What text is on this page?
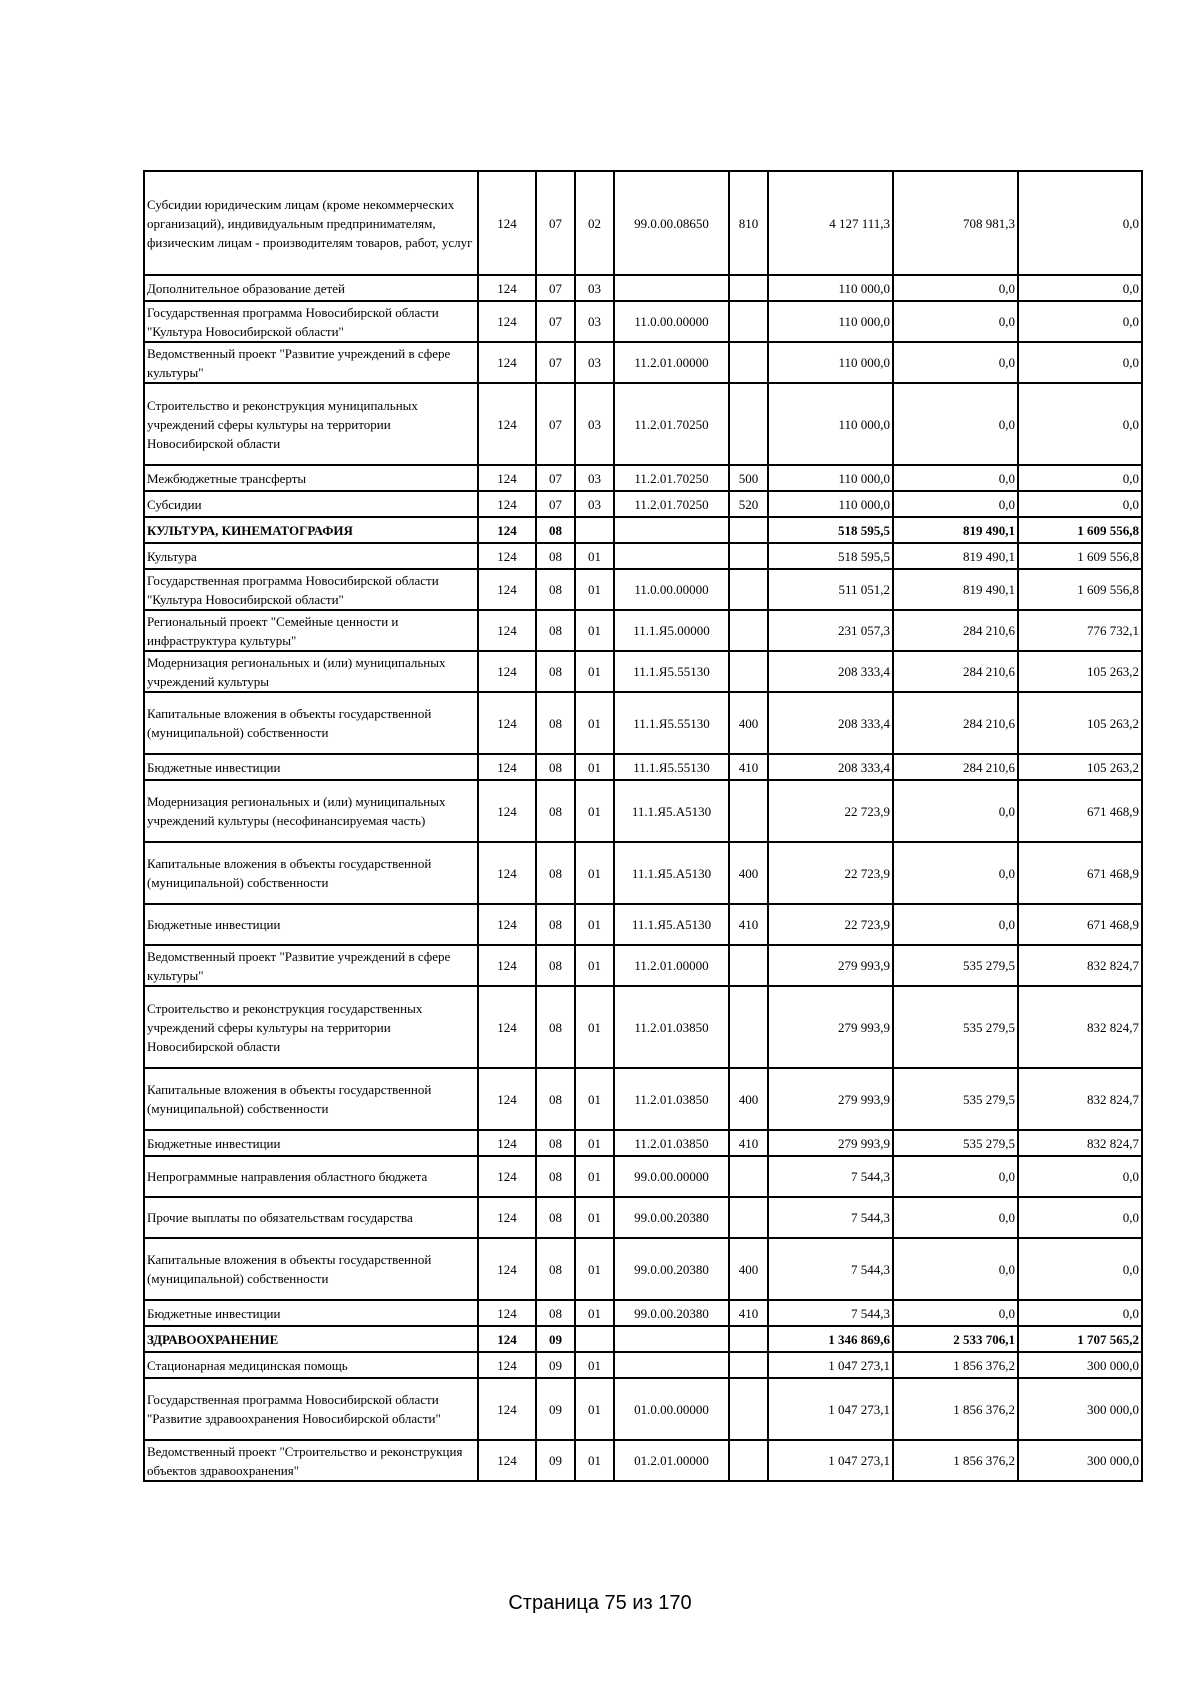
Субсидии юридическим лицам (кроме некоммерческих организаций), индивидуальным предпринимателям, физическим лицам - производителям товаров, работ, услуг	124	07	02	99.0.00.08650	810	4 127 111,3	708 981,3	0,0
Дополнительное образование детей	124	07	03			110 000,0	0,0	0,0
Государственная программа Новосибирской области "Культура Новосибирской области"	124	07	03	11.0.00.00000		110 000,0	0,0	0,0
Ведомственный проект "Развитие учреждений в сфере культуры"	124	07	03	11.2.01.00000		110 000,0	0,0	0,0
Строительство и реконструкция муниципальных учреждений сферы культуры на территории Новосибирской области	124	07	03	11.2.01.70250		110 000,0	0,0	0,0
Межбюджетные трансферты	124	07	03	11.2.01.70250	500	110 000,0	0,0	0,0
Субсидии	124	07	03	11.2.01.70250	520	110 000,0	0,0	0,0
КУЛЬТУРА, КИНЕМАТОГРАФИЯ	124	08				518 595,5	819 490,1	1 609 556,8
Культура	124	08	01			518 595,5	819 490,1	1 609 556,8
Государственная программа Новосибирской области "Культура Новосибирской области"	124	08	01	11.0.00.00000		511 051,2	819 490,1	1 609 556,8
Региональный проект "Семейные ценности и инфраструктура культуры"	124	08	01	11.1.Я5.00000		231 057,3	284 210,6	776 732,1
Модернизация региональных и (или) муниципальных учреждений культуры	124	08	01	11.1.Я5.55130		208 333,4	284 210,6	105 263,2
Капитальные вложения в объекты государственной (муниципальной) собственности	124	08	01	11.1.Я5.55130	400	208 333,4	284 210,6	105 263,2
Бюджетные инвестиции	124	08	01	11.1.Я5.55130	410	208 333,4	284 210,6	105 263,2
Модернизация региональных и (или) муниципальных учреждений культуры (несофинансируемая часть)	124	08	01	11.1.Я5.А5130		22 723,9	0,0	671 468,9
Капитальные вложения в объекты государственной (муниципальной) собственности	124	08	01	11.1.Я5.А5130	400	22 723,9	0,0	671 468,9
Бюджетные инвестиции	124	08	01	11.1.Я5.А5130	410	22 723,9	0,0	671 468,9
Ведомственный проект "Развитие учреждений в сфере культуры"	124	08	01	11.2.01.00000		279 993,9	535 279,5	832 824,7
Строительство и реконструкция государственных учреждений сферы культуры на территории Новосибирской области	124	08	01	11.2.01.03850		279 993,9	535 279,5	832 824,7
Капитальные вложения в объекты государственной (муниципальной) собственности	124	08	01	11.2.01.03850	400	279 993,9	535 279,5	832 824,7
Бюджетные инвестиции	124	08	01	11.2.01.03850	410	279 993,9	535 279,5	832 824,7
Непрограммные направления областного бюджета	124	08	01	99.0.00.00000		7 544,3	0,0	0,0
Прочие выплаты по обязательствам государства	124	08	01	99.0.00.20380		7 544,3	0,0	0,0
Капитальные вложения в объекты государственной (муниципальной) собственности	124	08	01	99.0.00.20380	400	7 544,3	0,0	0,0
Бюджетные инвестиции	124	08	01	99.0.00.20380	410	7 544,3	0,0	0,0
ЗДРАВООХРАНЕНИЕ	124	09				1 346 869,6	2 533 706,1	1 707 565,2
Стационарная медицинская помощь	124	09	01			1 047 273,1	1 856 376,2	300 000,0
Государственная программа Новосибирской области "Развитие здравоохранения Новосибирской области"	124	09	01	01.0.00.00000		1 047 273,1	1 856 376,2	300 000,0
Ведомственный проект "Строительство и реконструкция объектов здравоохранения"	124	09	01	01.2.01.00000		1 047 273,1	1 856 376,2	300 000,0
Страница 75 из 170
